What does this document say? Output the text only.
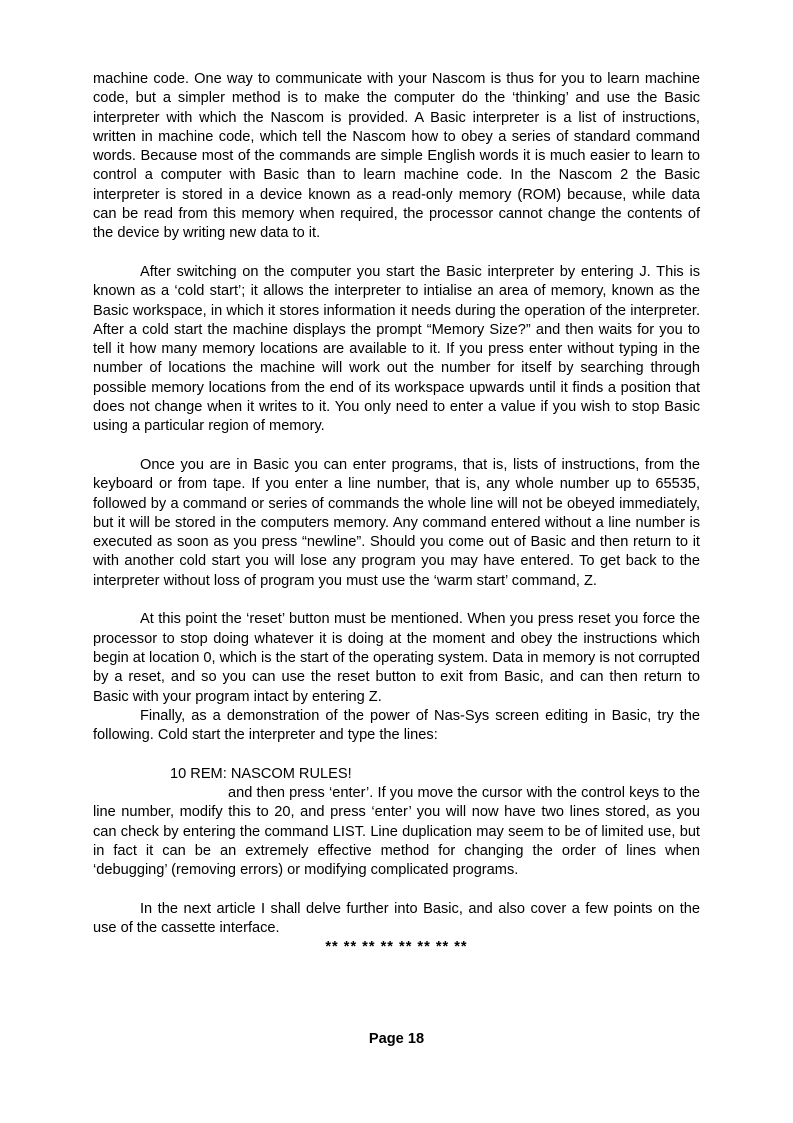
machine code. One way to communicate with your Nascom is thus for you to learn machine code, but a simpler method is to make the computer do the ‘thinking’ and use the Basic interpreter with which the Nascom is provided. A Basic interpreter is a list of instructions, written in machine code, which tell the Nascom how to obey a series of standard command words. Because most of the commands are simple English words it is much easier to learn to control a computer with Basic than to learn machine code. In the Nascom 2 the Basic interpreter is stored in a device known as a read-only memory (ROM) because, while data can be read from this memory when required, the processor cannot change the contents of the device by writing new data to it.

After switching on the computer you start the Basic interpreter by entering J. This is known as a ‘cold start’; it allows the interpreter to intialise an area of memory, known as the Basic workspace, in which it stores information it needs during the operation of the interpreter. After a cold start the machine displays the prompt “Memory Size?” and then waits for you to tell it how many memory locations are available to it. If you press enter without typing in the number of locations the machine will work out the number for itself by searching through possible memory locations from the end of its workspace upwards until it finds a position that does not change when it writes to it. You only need to enter a value if you wish to stop Basic using a particular region of memory.

Once you are in Basic you can enter programs, that is, lists of instructions, from the keyboard or from tape. If you enter a line number, that is, any whole number up to 65535, followed by a command or series of commands the whole line will not be obeyed immediately, but it will be stored in the computers memory. Any command entered without a line number is executed as soon as you press “newline”. Should you come out of Basic and then return to it with another cold start you will lose any program you may have entered. To get back to the interpreter without loss of program you must use the ‘warm start’ command, Z.

At this point the ‘reset’ button must be mentioned. When you press reset you force the processor to stop doing whatever it is doing at the moment and obey the instructions which begin at location 0, which is the start of the operating system. Data in memory is not corrupted by a reset, and so you can use the reset button to exit from Basic, and can then return to Basic with your program intact by entering Z.

Finally, as a demonstration of the power of Nas-Sys screen editing in Basic, try the following. Cold start the interpreter and type the lines:

10 REM: NASCOM RULES!

and then press ‘enter’. If you move the cursor with the control keys to the line number, modify this to 20, and press ‘enter’ you will now have two lines stored, as you can check by entering the command LIST. Line duplication may seem to be of limited use, but in fact it can be an extremely effective method for changing the order of lines when ‘debugging’ (removing errors) or modifying complicated programs.

In the next article I shall delve further into Basic, and also cover a few points on the use of the cassette interface.

** ** ** ** ** ** ** **

Page 18
